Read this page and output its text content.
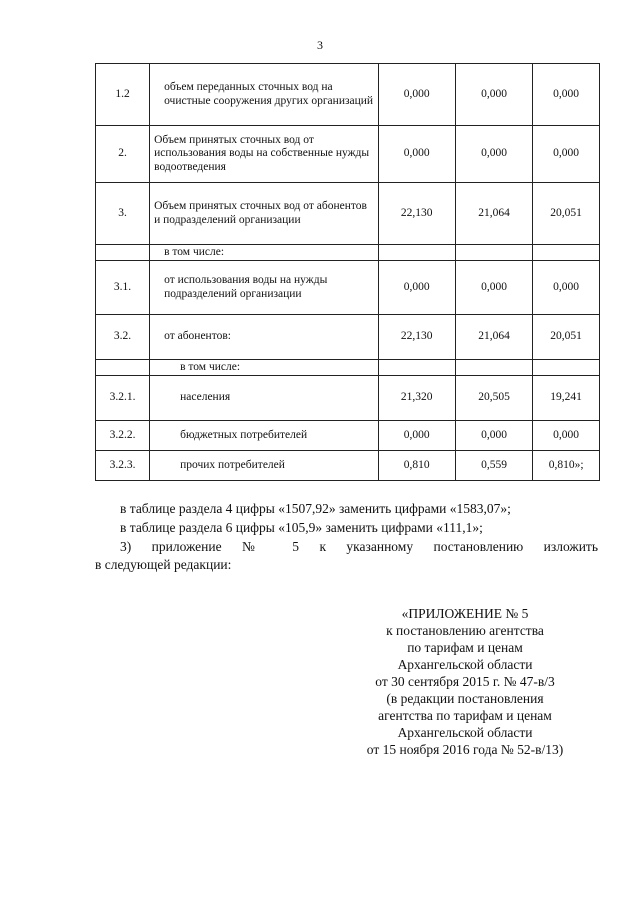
3
1.2	объем переданных сточных вод на очистные сооружения других организаций	0,000	0,000	0,000
2.	Объем принятых сточных вод от использования воды на собственные нужды водоотведения	0,000	0,000	0,000
3.	Объем принятых сточных вод от абонентов и подразделений организации	22,130	21,064	20,051
	в том числе:			
3.1.	от использования воды на нужды подразделений организации	0,000	0,000	0,000
3.2.	от абонентов:	22,130	21,064	20,051
	в том числе:			
3.2.1.	населения	21,320	20,505	19,241
3.2.2.	бюджетных потребителей	0,000	0,000	0,000
3.2.3.	прочих потребителей	0,810	0,559	0,810»;
в таблице раздела 4 цифры «1507,92» заменить цифрами «1583,07»;
в таблице раздела 6 цифры «105,9» заменить цифрами «111,1»;
3) приложение № 5 к указанному постановлению изложить
в следующей редакции:
«ПРИЛОЖЕНИЕ № 5
к постановлению агентства
по тарифам и ценам
Архангельской области
от 30 сентября 2015 г. № 47-в/3
(в редакции постановления
агентства по тарифам и ценам
Архангельской области
от 15 ноября 2016 года № 52-в/13)
